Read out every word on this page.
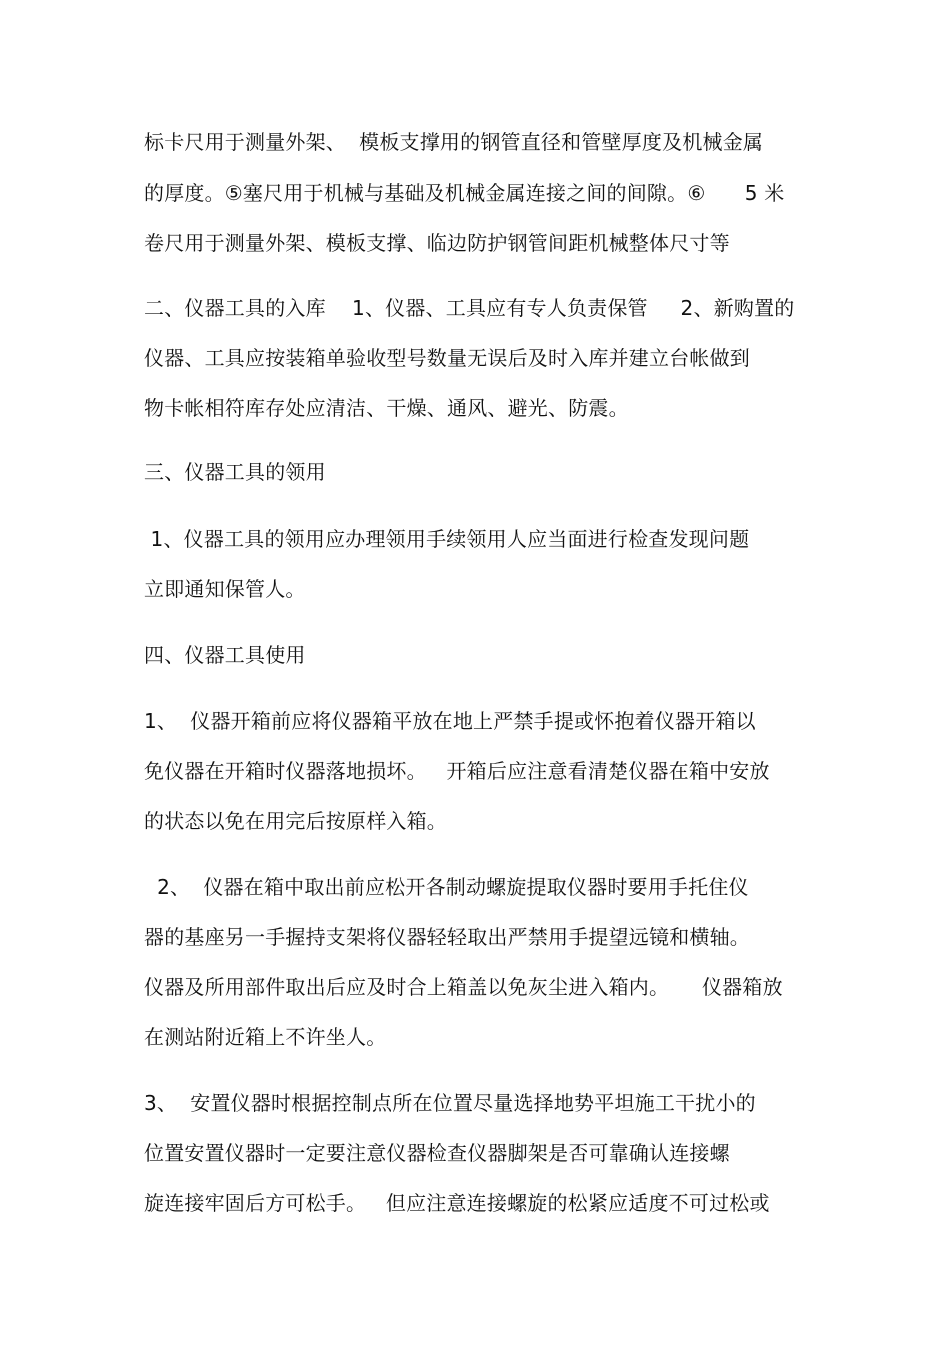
标卡尺用于测量外架、  模板支撑用的钢管直径和管壁厚度及机械金属
的厚度。⑤塞尺用于机械与基础及机械金属连接之间的间隙。⑥      5 米
卷尺用于测量外架、模板支撑、临边防护钢管间距机械整体尺寸等
二、仪器工具的入库    1、仪器、工具应有专人负责保管     2、新购置的
仪器、工具应按装箱单验收型号数量无误后及时入库并建立台帐做到
物卡帐相符库存处应清洁、干燥、通风、避光、防震。
三、仪器工具的领用
1、仪器工具的领用应办理领用手续领用人应当面进行检查发现问题
立即通知保管人。
四、仪器工具使用
1、  仪器开箱前应将仪器箱平放在地上严禁手提或怀抱着仪器开箱以
免仪器在开箱时仪器落地损坏。   开箱后应注意看清楚仪器在箱中安放
的状态以免在用完后按原样入箱。
2、  仪器在箱中取出前应松开各制动螺旋提取仪器时要用手托住仪
器的基座另一手握持支架将仪器轻轻取出严禁用手提望远镜和横轴。
仪器及所用部件取出后应及时合上箱盖以免灰尘进入箱内。     仪器箱放
在测站附近箱上不许坐人。
3、  安置仪器时根据控制点所在位置尽量选择地势平坦施工干扰小的
位置安置仪器时一定要注意仪器检查仪器脚架是否可靠确认连接螺
旋连接牢固后方可松手。   但应注意连接螺旋的松紧应适度不可过松或
